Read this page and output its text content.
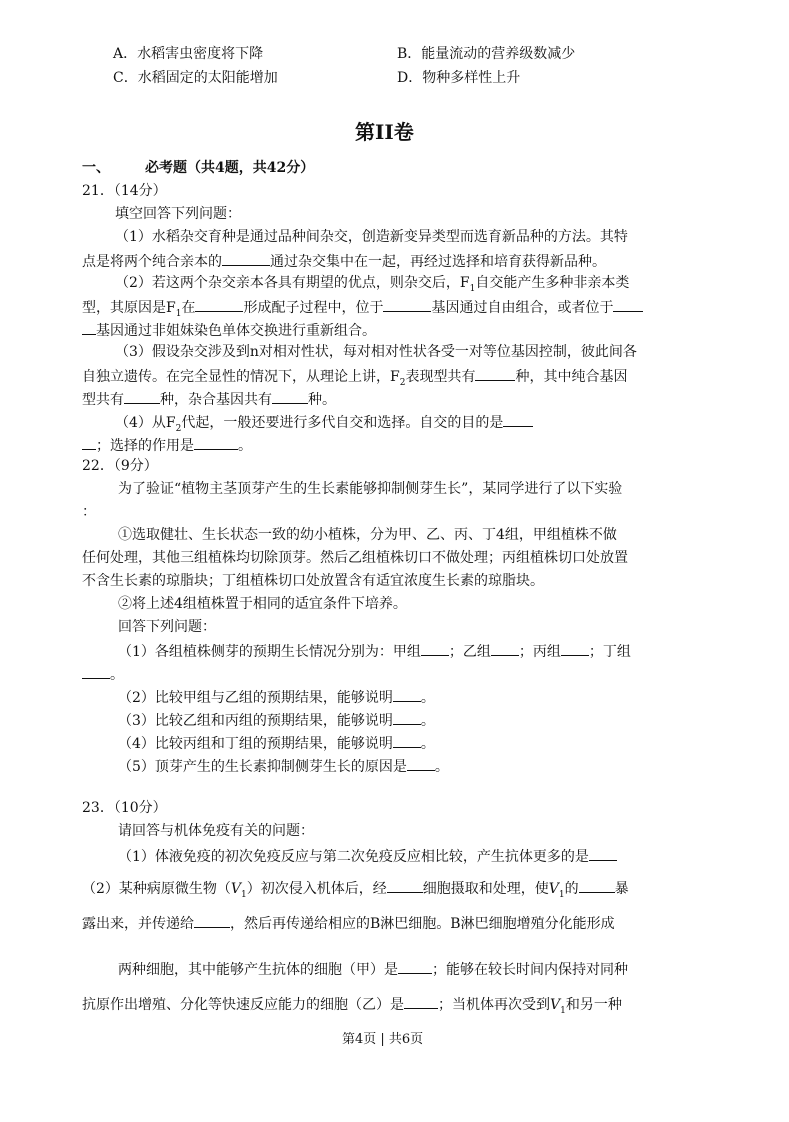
A．水稻害虫密度将下降	B．能量流动的营养级数减少
C．水稻固定的太阳能增加	D．物种多样性上升
第II卷
一、	必考题（共4题，共42分）
21．（14分）
填空回答下列问题：
（1）水稻杂交育种是通过品种间杂交，创造新变异类型而选育新品种的方法。其特
点是将两个纯合亲本的	通过杂交集中在一起，再经过选择和培育获得新品种。
（2）若这两个杂交亲本各具有期望的优点，则杂交后，$F_1$自交能产生多种非亲本类
型，其原因是$F_1$在	形成配子过程中，位于	基因通过自由组合，或者位于
基因通过非姐妹染色单体交换进行重新组合。
（3）假设杂交涉及到n对相对性状，每对相对性状各受一对等位基因控制，彼此间各
自独立遗传。在完全显性的情况下，从理论上讲，$F_2$表现型共有	种，其中纯合基因
型共有	种，杂合基因共有	种。
（4）从$F_2$代起，一般还要进行多代自交和选择。自交的目的是
；选择的作用是	。
22．（9分）
为了验证“植物主茎顶芽产生的生长素能够抑制侧芽生长”，某同学进行了以下实验
：
①选取健壮、生长状态一致的幼小植株，分为甲、乙、丙、丁4组，甲组植株不做
任何处理，其他三组植株均切除顶芽。然后乙组植株切口不做处理；丙组植株切口处放置
不含生长素的琼脂块；丁组植株切口处放置含有适宜浓度生长素的琼脂块。
②将上述4组植株置于相同的适宜条件下培养。
回答下列问题：
（1）各组植株侧芽的预期生长情况分别为：甲组 ；乙组 ；丙组 ；丁组
。
（2）比较甲组与乙组的预期结果，能够说明 。
（3）比较乙组和丙组的预期结果，能够说明 。
（4）比较丙组和丁组的预期结果，能够说明 。
（5）顶芽产生的生长素抑制侧芽生长的原因是 。
23．（10分）
请回答与机体免疫有关的问题：
（1）体液免疫的初次免疫反应与第二次免疫反应相比较，产生抗体更多的是
（2）某种病原微生物$(V_1)$初次侵入机体后，经	细胞摄取和处理，使$V_1$的	暴
露出来，并传递给	，然后再传递给相应的B淋巴细胞。B淋巴细胞增殖分化能形成
两种细胞，其中能够产生抗体的细胞（甲）是 ；能够在较长时间内保持对同种
抗原作出增殖、分化等快速反应能力的细胞（乙）是 ；当机体再次受到$V_1$和另一种
第4页 | 共6页
